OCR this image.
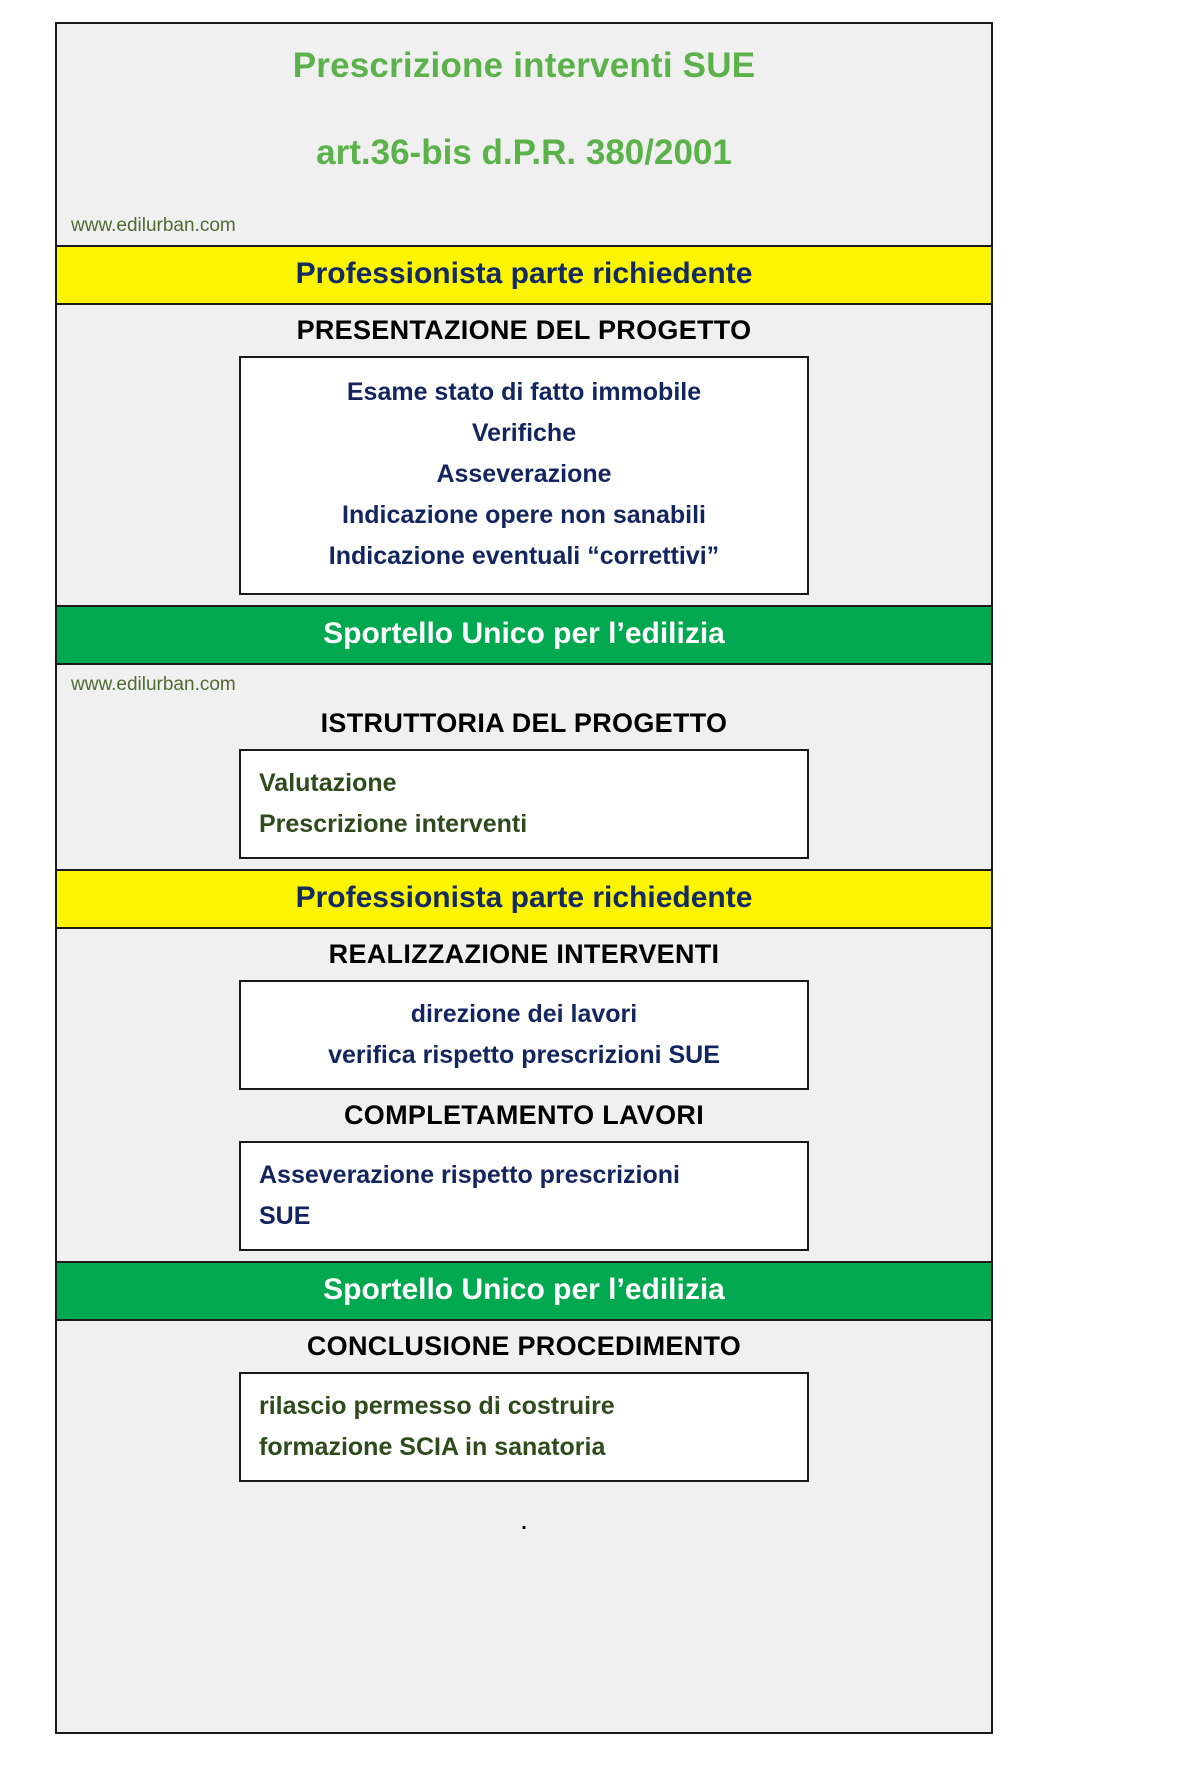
Prescrizione interventi SUE
art.36-bis d.P.R. 380/2001
www.edilurban.com
Professionista parte richiedente
PRESENTAZIONE DEL PROGETTO
Esame stato di fatto immobile
Verifiche
Asseverazione
Indicazione opere non sanabili
Indicazione eventuali “correttivi”
Sportello Unico per l’edilizia
www.edilurban.com
ISTRUTTORIA DEL PROGETTO
Valutazione
Prescrizione interventi
Professionista parte richiedente
REALIZZAZIONE INTERVENTI
direzione dei lavori
verifica rispetto prescrizioni SUE
COMPLETAMENTO LAVORI
Asseverazione rispetto prescrizioni
SUE
Sportello Unico per l’edilizia
CONCLUSIONE PROCEDIMENTO
rilascio permesso di costruire
formazione SCIA in sanatoria
.
